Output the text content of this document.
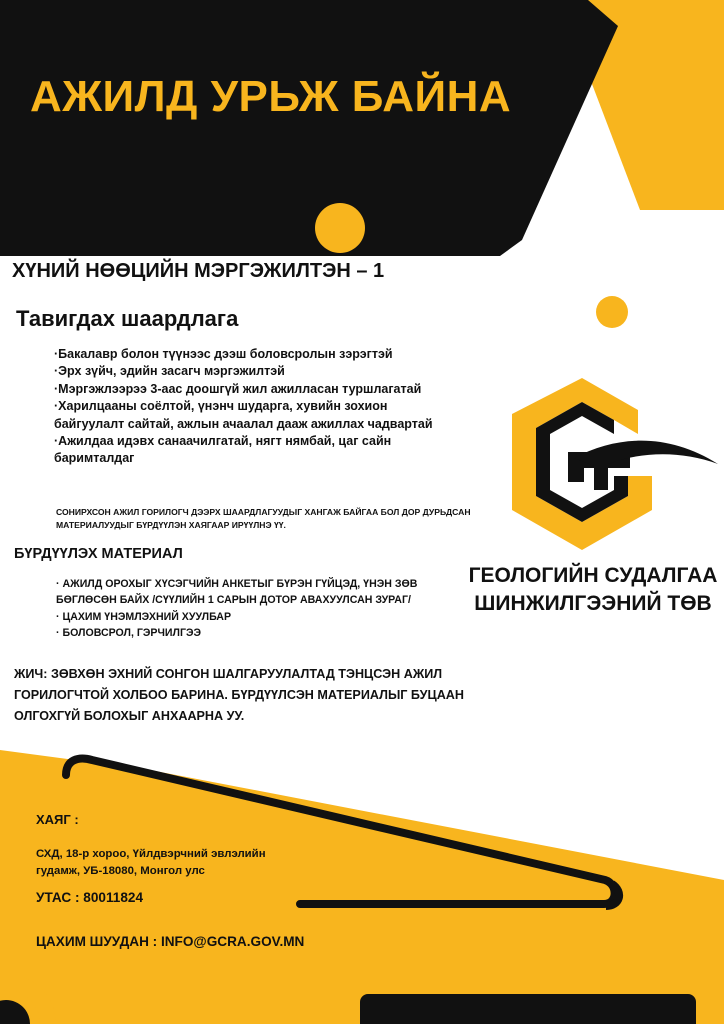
АЖИЛД УРЬЖ БАЙНА
ХҮНИЙ НӨӨЦИЙН МЭРГЭЖИЛТЭН – 1
Тавигдах шаардлага
·Бакалавр болон түүнээс дээш боловсролын зэрэгтэй
·Эрх зүйч, эдийн засагч мэргэжилтэй
·Мэргэжлээрээ 3-аас доошгүй жил ажилласан туршлагатай
·Харилцааны соёлтой, үнэнч шударга, хувийн зохион байгуулалт сайтай, ажлын ачаалал дааж ажиллах чадвартай
·Ажилдаа идэвх санаачилгатай, нягт нямбай, цаг сайн баримталдаг
СОНИРХСОН АЖИЛ ГОРИЛОГЧ ДЭЭРХ ШААРДЛАГУУДЫГ ХАНГАЖ БАЙГАА БОЛ ДОР ДУРЬДСАН МАТЕРИАЛУУДЫГ БҮРДҮҮЛЭН ХАЯГААР ИРҮҮЛНЭ ҮҮ.
БҮРДҮҮЛЭХ МАТЕРИАЛ
· АЖИЛД ОРОХЫГ ХҮСЭГЧИЙН АНКЕТЫГ БҮРЭН ГҮЙЦЭД, ҮНЭН ЗӨВ БӨГЛӨСӨН БАЙХ /СҮҮЛИЙН 1 САРЫН ДОТОР АВАХУУЛСАН ЗУРАГ/
· ЦАХИМ ҮНЭМЛЭХНИЙ ХУУЛБАР
· БОЛОВСРОЛ, ГЭРЧИЛГЭЭ
ЖИЧ: ЗӨВХӨН ЭХНИЙ СОНГОН ШАЛГАРУУЛАЛТАД ТЭНЦСЭН АЖИЛ ГОРИЛОГЧТОЙ ХОЛБОО БАРИНА. БҮРДҮҮЛСЭН МАТЕРИАЛЫГ БУЦААН ОЛГОХГҮЙ БОЛОХЫГ АНХААРНА УУ.
ГЕОЛОГИЙН СУДАЛГАА
ШИНЖИЛГЭЭНИЙ ТӨВ
ХАЯГ :
СХД, 18-р хороо, Үйлдвэрчний эвлэлийн гудамж, УБ-18080, Монгол улс
УТАС : 80011824
ЦАХИМ ШУУДАН : INFO@GCRA.GOV.MN
